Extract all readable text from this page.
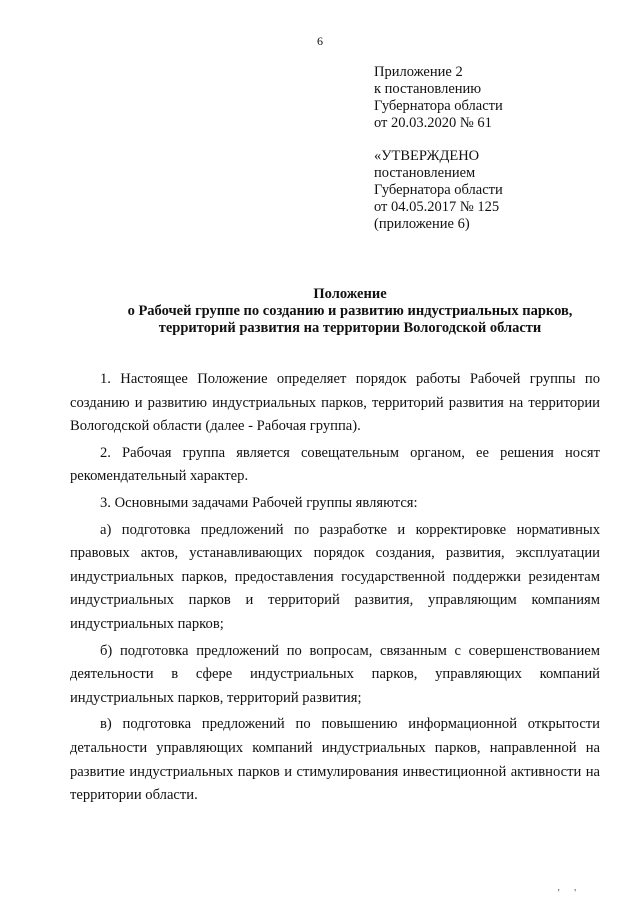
6
Приложение 2
к постановлению
Губернатора области
от 20.03.2020 № 61
«УТВЕРЖДЕНО
постановлением
Губернатора области
от 04.05.2017 № 125
(приложение 6)
Положение
о Рабочей группе по созданию и развитию индустриальных парков,
территорий развития на территории Вологодской области

1. Настоящее Положение определяет порядок работы Рабочей группы по созданию и развитию индустриальных парков, территорий развития на территории Вологодской области (далее - Рабочая группа).

2. Рабочая группа является совещательным органом, ее решения носят рекомендательный характер.

3. Основными задачами Рабочей группы являются:

а) подготовка предложений по разработке и корректировке нормативных правовых актов, устанавливающих порядок создания, развития, эксплуатации индустриальных парков, предоставления государственной поддержки резидентам индустриальных парков и территорий развития, управляющим компаниям индустриальных парков;

б) подготовка предложений по вопросам, связанным с совершенствованием деятельности в сфере индустриальных парков, управляющих компаний индустриальных парков, территорий развития;

в) подготовка предложений по повышению информационной открытости детальности управляющих компаний индустриальных парков, направленной на развитие индустриальных парков и стимулирования инвестиционной активности на территории области.

' '
